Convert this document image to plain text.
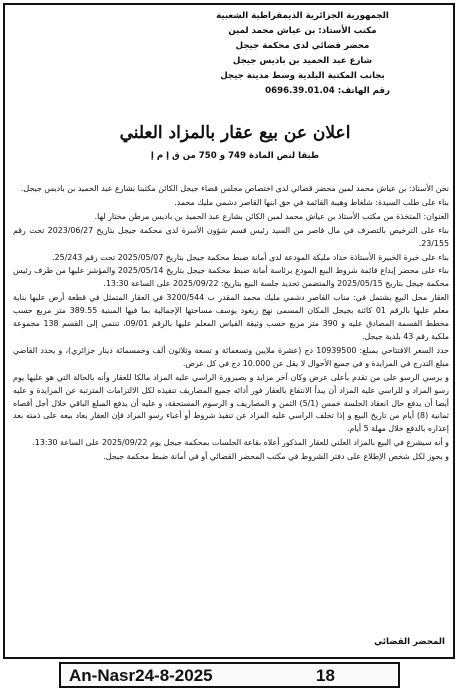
الجمهورية الجزائرية الديمقراطية الشعبية
مكتب الأستاذ: بن عياش محمد لمين
محضر قضائي لدى محكمة جيجل
شارع عبد الحميد بن باديس جيجل
بجانب المكتبة البلدية وسط مدينة جيجل
رقم الهاتف: 0696.39.01.04
اعلان عن بيع عقار بالمزاد العلني
طبقا لنص المادة 749 و 750 من ق إ م إ

نحن الأستاذ: بن عياش محمد لمين محضر قضائي لدى اختصاص مجلس قضاء جيجل الكائن مكتبنا بشارع عبد الحميد بن باديس جيجل.

بناء على طلب السيدة: شلغاط وهيبة القائمة في حق ابنها القاصر دشمي مليك محمد.

العنوان: المتخذة من مكتب الأستاذ بن عياش محمد لمين الكائن بشارع عبد الحميد بن باديس مرطن مختار لها.

بناء على الترخيص بالتصرف في مال قاصر من السيد رئيس قسم شؤون الأسرة لدى محكمة جيجل بتاريخ 2023/06/27 تحت رقم 23/155.

بناء على خبرة الخبيرة الأستاذة حداد مليكة المودعة لدى أمانة ضبط محكمة جيجل بتاريخ 2025/05/07 تحت رقم 25/243.

بناء على محضر إيداع قائمة شروط البيع المودع برئاسة أمانة ضبط محكمة جيجل بتاريخ 2025/05/14 والمؤشر عليها من طرف رئيس محكمة جيجل بتاريخ 2025/05/15 والمتضمن تحديد جلسة البيع بتاريخ: 2025/09/22 على الساعة 13:30.

العقار محل البيع يشتمل في: مناب القاصر دشمي مليك محمد المقدر ب 3200/544 في العقار المتمثل في قطعة أرض عليها بناية معلم عليها بالرقم 01 كائنة بجيجل المكان المسمى نهج زيغود يوسف مساحتها الإجمالية بما فيها المبنية 389.55 متر مربع حسب مخطط القسمة المصادق عليه و 390 متر مربع حسب وثيقة القياس المعلم عليها بالرقم 09/01، تنتمي إلى القسم 138 مجموعة ملكية رقم 43 بلدية جيجل.

حدد السعر الافتتاحي بمبلغ: 10939500 دج (عشرة ملايين وتسعمائة و تسعة وثلاثون ألف وخمسمائة دينار جزائري)، و يحدد القاضي مبلغ التدرج في المزايدة و في جميع الأحوال لا يقل عن 10.000 دج في كل عرض.

و يرسي الرسو على من تقدم بأعلى عرض وكان آخر مزايد و بصيرورة الراسي عليه المزاد مالكا للعقار وأنه بالحالة التي هو عليها يوم رسو المزاد و للراسي عليه المزاد أن يبدأ الانتفاع بالعقار فور أدائه جميع المصاريف تنفيذه لكل الالتزامات المترتبة عن المزايدة و عليه أيضا أن يدفع حال انعقاد الجلسة خمس (5/1) الثمن و المصاريف و الرسوم المستحقة، و عليه أن يدفع المبلغ الباقي خلال أجل أقصاه ثمانية (8) أيام من تاريخ البيع و إذا تخلف الراسي عليه المزاد عن تنفيذ شروط أو أعباء رسو المزاد فإن العقار يعاد بيعه على ذمته بعد إعذاره بالدفع خلال مهلة 5 أيام.

و أنه سيشرع في البيع بالمزاد العلني للعقار المذكور أعلاه بقاعة الجلسات بمحكمة جيجل يوم 2025/09/22 على الساعة 13:30.

و يجوز لكل شخص الإطلاع على دفتر الشروط في مكتب المحضر القضائي أو في أمانة ضبط محكمة جيجل.

المحضر القضائي
An-Nasr24-8-2025	18
